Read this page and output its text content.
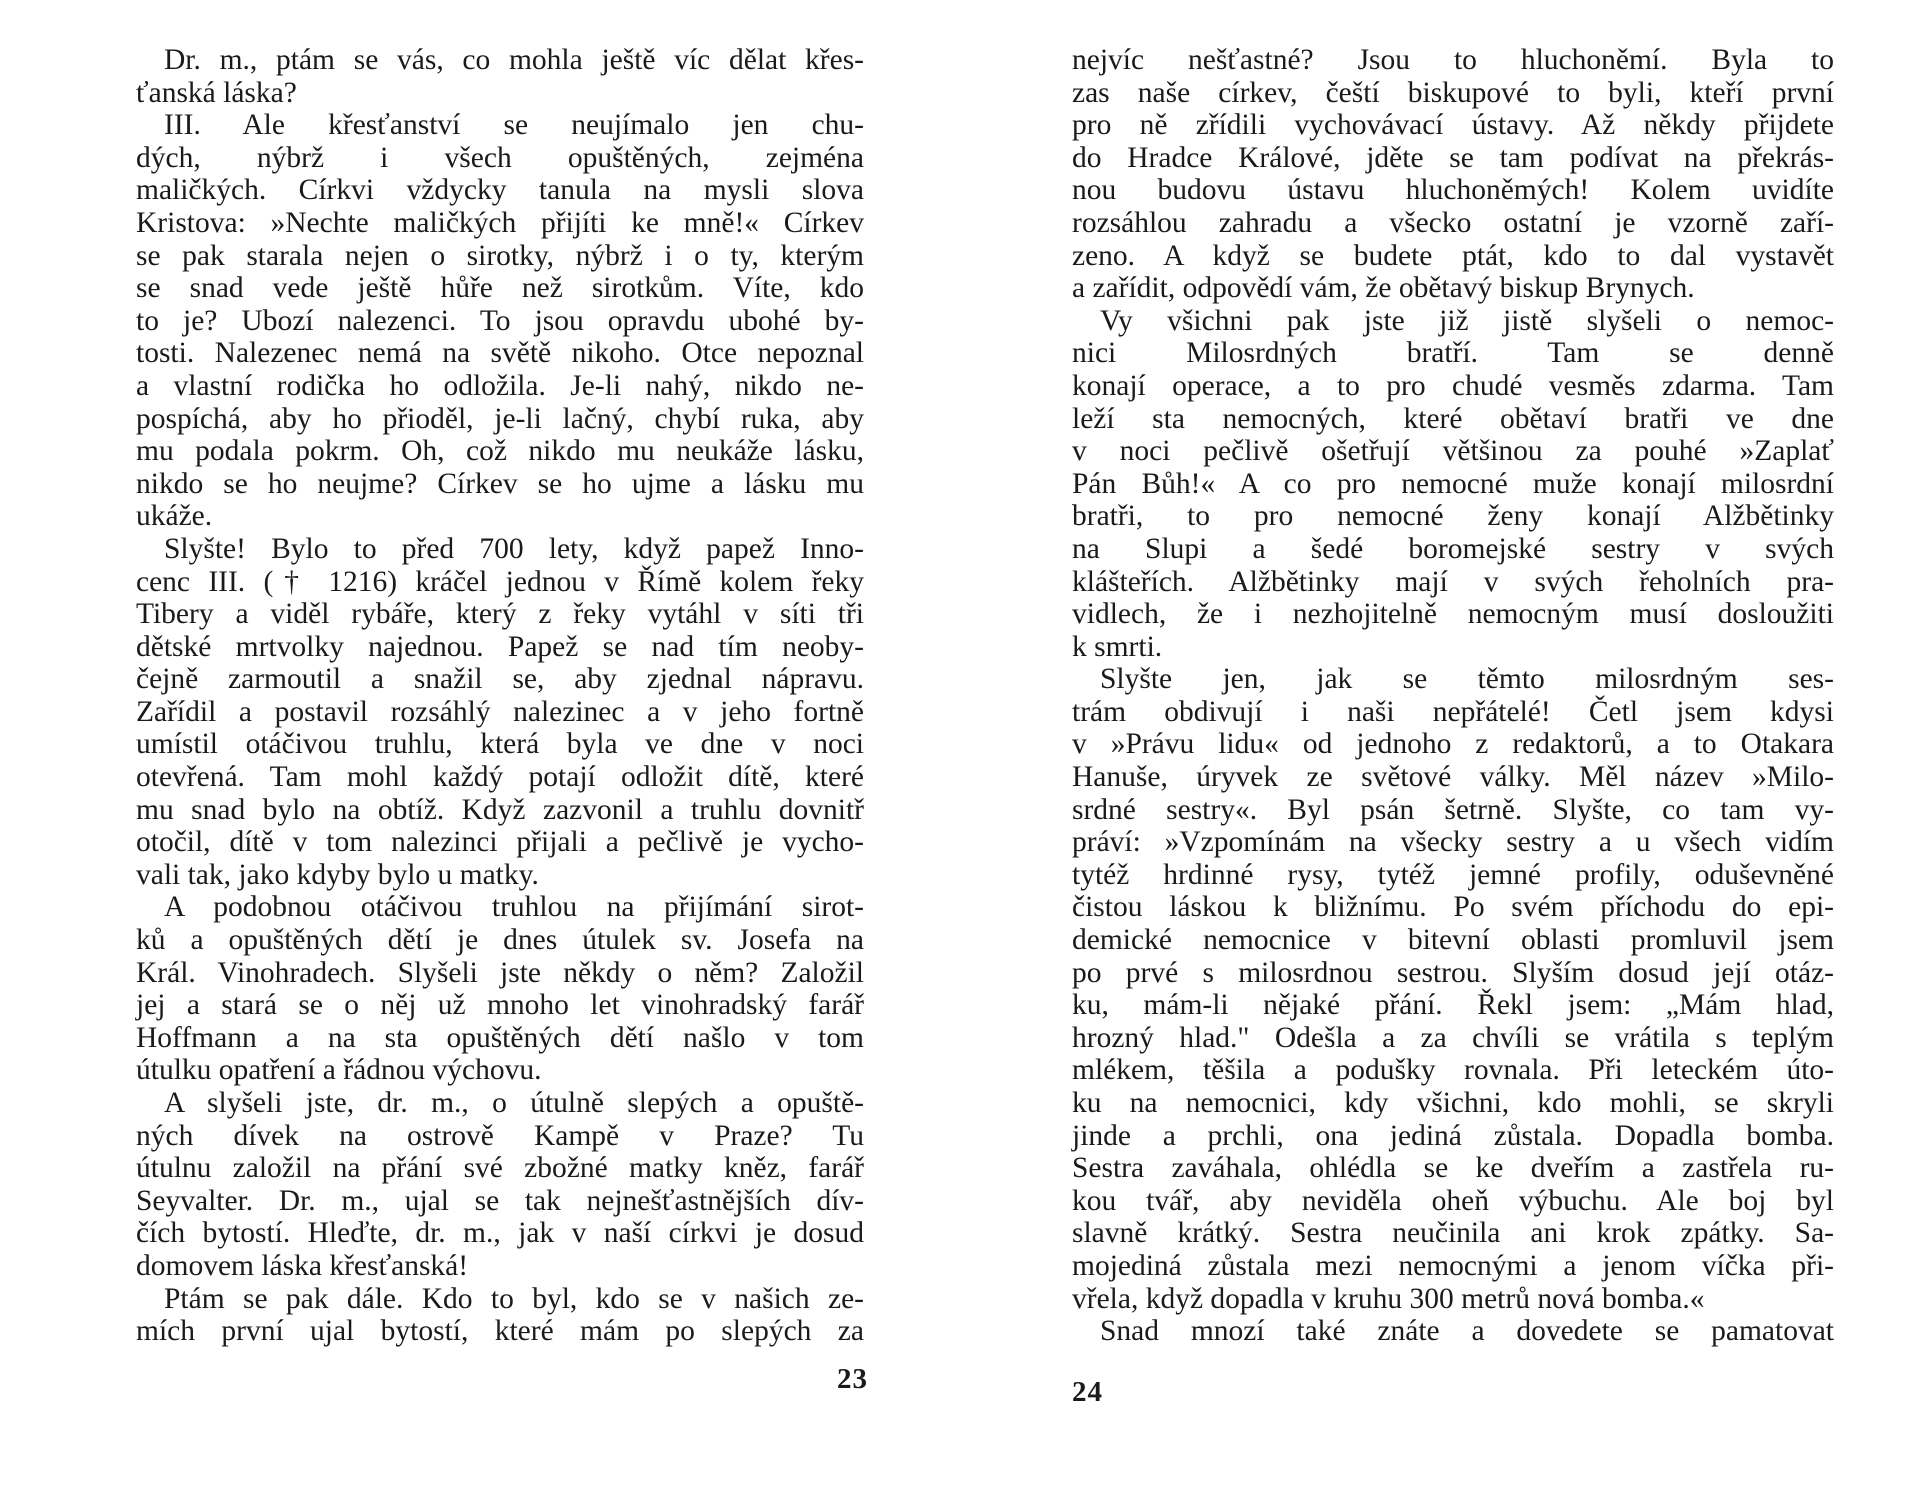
Dr. m., ptám se vás, co mohla ještě víc dělat křes-
ťanská láska?
III. Ale křesťanství se neujímalo jen chu-
dých, nýbrž i všech opuštěných, zejména
maličkých. Církvi vždycky tanula na mysli slova
Kristova: »Nechte maličkých přijíti ke mně!« Církev
se pak starala nejen o sirotky, nýbrž i o ty, kterým
se snad vede ještě hůře než sirotkům. Víte, kdo
to je? Ubozí nalezenci. To jsou opravdu ubohé by-
tosti. Nalezenec nemá na světě nikoho. Otce nepoznal
a vlastní rodička ho odložila. Je-li nahý, nikdo ne-
pospíchá, aby ho přioděl, je-li lačný, chybí ruka, aby
mu podala pokrm. Oh, což nikdo mu neukáže lásku,
nikdo se ho neujme? Církev se ho ujme a lásku mu
ukáže.
Slyšte! Bylo to před 700 lety, když papež Inno-
cenc III. († 1216) kráčel jednou v Římě kolem řeky
Tibery a viděl rybáře, který z řeky vytáhl v síti tři
dětské mrtvolky najednou. Papež se nad tím neoby-
čejně zarmoutil a snažil se, aby zjednal nápravu.
Zařídil a postavil rozsáhlý nalezinec a v jeho fortně
umístil otáčivou truhlu, která byla ve dne v noci
otevřená. Tam mohl každý potají odložit dítě, které
mu snad bylo na obtíž. Když zazvonil a truhlu dovnitř
otočil, dítě v tom nalezinci přijali a pečlivě je vycho-
vali tak, jako kdyby bylo u matky.
A podobnou otáčivou truhlou na přijímání sirot-
ků a opuštěných dětí je dnes útulek sv. Josefa na
Král. Vinohradech. Slyšeli jste někdy o něm? Založil
jej a stará se o něj už mnoho let vinohradský farář
Hoffmann a na sta opuštěných dětí našlo v tom
útulku opatření a řádnou výchovu.
A slyšeli jste, dr. m., o útulně slepých a opuště-
ných dívek na ostrově Kampě v Praze? Tu
útulnu založil na přání své zbožné matky kněz, farář
Seyvalter. Dr. m., ujal se tak nejnešťastnějších dív-
čích bytostí. Hleďte, dr. m., jak v naší církvi je dosud
domovem láska křesťanská!
Ptám se pak dále. Kdo to byl, kdo se v našich ze-
mích první ujal bytostí, které mám po slepých za
23
nejvíc nešťastné? Jsou to hluchoněmí. Byla to
zas naše církev, čeští biskupové to byli, kteří první
pro ně zřídili vychovávací ústavy. Až někdy přijdete
do Hradce Králové, jděte se tam podívat na překrás-
nou budovu ústavu hluchoněmých! Kolem uvidíte
rozsáhlou zahradu a všecko ostatní je vzorně zaří-
zeno. A když se budete ptát, kdo to dal vystavět
a zařídit, odpovědí vám, že obětavý biskup Brynych.
Vy všichni pak jste již jistě slyšeli o nemoc-
nici Milosrdných bratří. Tam se denně
konají operace, a to pro chudé vesměs zdarma. Tam
leží sta nemocných, které obětaví bratři ve dne
v noci pečlivě ošetřují většinou za pouhé »Zaplať
Pán Bůh!« A co pro nemocné muže konají milosrdní
bratři, to pro nemocné ženy konají Alžbětinky
na Slupi a šedé boromejské sestry v svých
klášteřích. Alžbětinky mají v svých řeholních pra-
vidlech, že i nezhojitelně nemocným musí dosloužiti
k smrti.
Slyšte jen, jak se těmto milosrdným ses-
trám obdivují i naši nepřátelé! Četl jsem kdysi
v »Právu lidu« od jednoho z redaktorů, a to Otakara
Hanuše, úryvek ze světové války. Měl název »Milo-
srdné sestry«. Byl psán šetrně. Slyšte, co tam vy-
práví: »Vzpomínám na všecky sestry a u všech vidím
tytéž hrdinné rysy, tytéž jemné profily, oduševněné
čistou láskou k bližnímu. Po svém příchodu do epi-
demické nemocnice v bitevní oblasti promluvil jsem
po prvé s milosrdnou sestrou. Slyším dosud její otáz-
ku, mám-li nějaké přání. Řekl jsem: „Mám hlad,
hrozný hlad." Odešla a za chvíli se vrátila s teplým
mlékem, těšila a podušky rovnala. Při leteckém úto-
ku na nemocnici, kdy všichni, kdo mohli, se skryli
jinde a prchli, ona jediná zůstala. Dopadla bomba.
Sestra zaváhala, ohlédla se ke dveřím a zastřela ru-
kou tvář, aby neviděla oheň výbuchu. Ale boj byl
slavně krátký. Sestra neučinila ani krok zpátky. Sa-
mojediná zůstala mezi nemocnými a jenom víčka při-
vřela, když dopadla v kruhu 300 metrů nová bomba.«
Snad mnozí také znáte a dovedete se pamatovat
24
